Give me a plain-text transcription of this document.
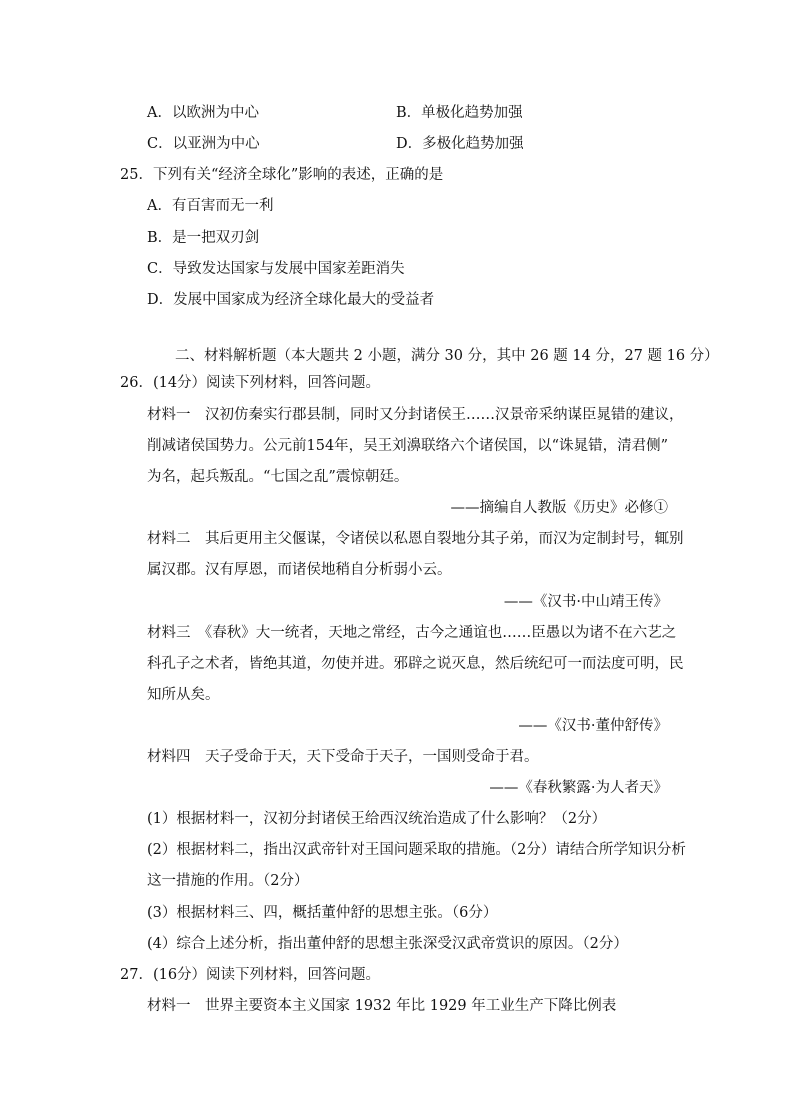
A．以欧洲为中心	B．单极化趋势加强
C．以亚洲为中心	D．多极化趋势加强
25．下列有关“经济全球化”影响的表述，正确的是
A．有百害而无一利
B．是一把双刃剑
C．导致发达国家与发展中国家差距消失
D．发展中国家成为经济全球化最大的受益者
二、材料解析题（本大题共 2 小题，满分 30 分，其中 26 题 14 分，27 题 16 分）
26．(14分）阅读下列材料，回答问题。
材料一　汉初仿秦实行郡县制，同时又分封诸侯王……汉景帝采纳谋臣晁错的建议，
削减诸侯国势力。公元前154年，吴王刘濞联络六个诸侯国，以“诛晁错，清君侧”
为名，起兵叛乱。“七国之乱”震惊朝廷。
——摘编自人教版《历史》必修①
材料二　其后更用主父偃谋，令诸侯以私恩自裂地分其子弟，而汉为定制封号，辄别
属汉郡。汉有厚恩，而诸侯地稍自分析弱小云。
——《汉书·中山靖王传》
材料三　《春秋》大一统者，天地之常经，古今之通谊也……臣愚以为诸不在六艺之
科孔子之术者，皆绝其道，勿使并进。邪辟之说灭息，然后统纪可一而法度可明，民
知所从矣。
——《汉书·董仲舒传》
材料四　天子受命于天，天下受命于天子，一国则受命于君。
——《春秋繁露·为人者天》
(1）根据材料一，汉初分封诸侯王给西汉统治造成了什么影响？（2分）
(2）根据材料二，指出汉武帝针对王国问题采取的措施。（2分）请结合所学知识分析
这一措施的作用。（2分）
(3）根据材料三、四，概括董仲舒的思想主张。（6分）
(4）综合上述分析，指出董仲舒的思想主张深受汉武帝赏识的原因。（2分）
27．(16分）阅读下列材料，回答问题。
材料一　世界主要资本主义国家 1932 年比 1929 年工业生产下降比例表
